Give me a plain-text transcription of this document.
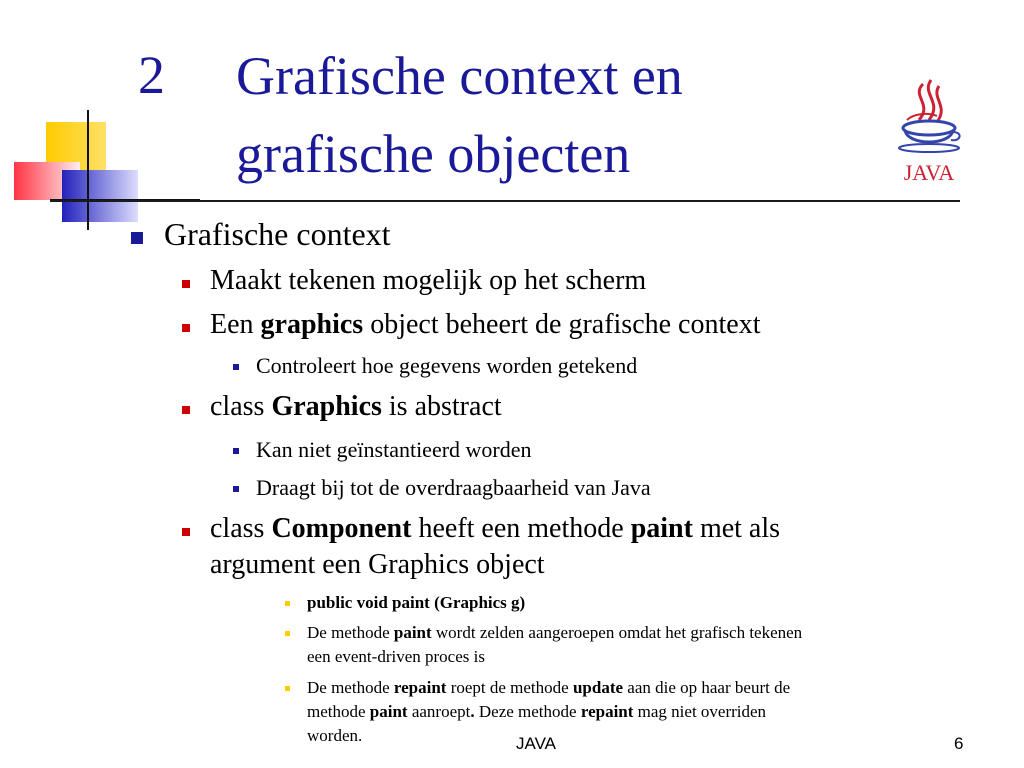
2 Grafische context en
grafische objecten	JAVA
Grafische context
Maakt tekenen mogelijk op het scherm
Een graphics object beheert de grafische context
Controleert hoe gegevens worden getekend
class Graphics is abstract
Kan niet geïnstantieerd worden
Draagt bij tot de overdraagbaarheid van Java
class Component heeft een methode paint met als
argument een Graphics object
public void paint (Graphics g)
De methode paint wordt zelden aangeroepen omdat het grafisch tekenen
een event-driven proces is
De methode repaint roept de methode update aan die op haar beurt de
methode paint aanroept. Deze methode repaint mag niet overriden
worden.	JAVA	6
